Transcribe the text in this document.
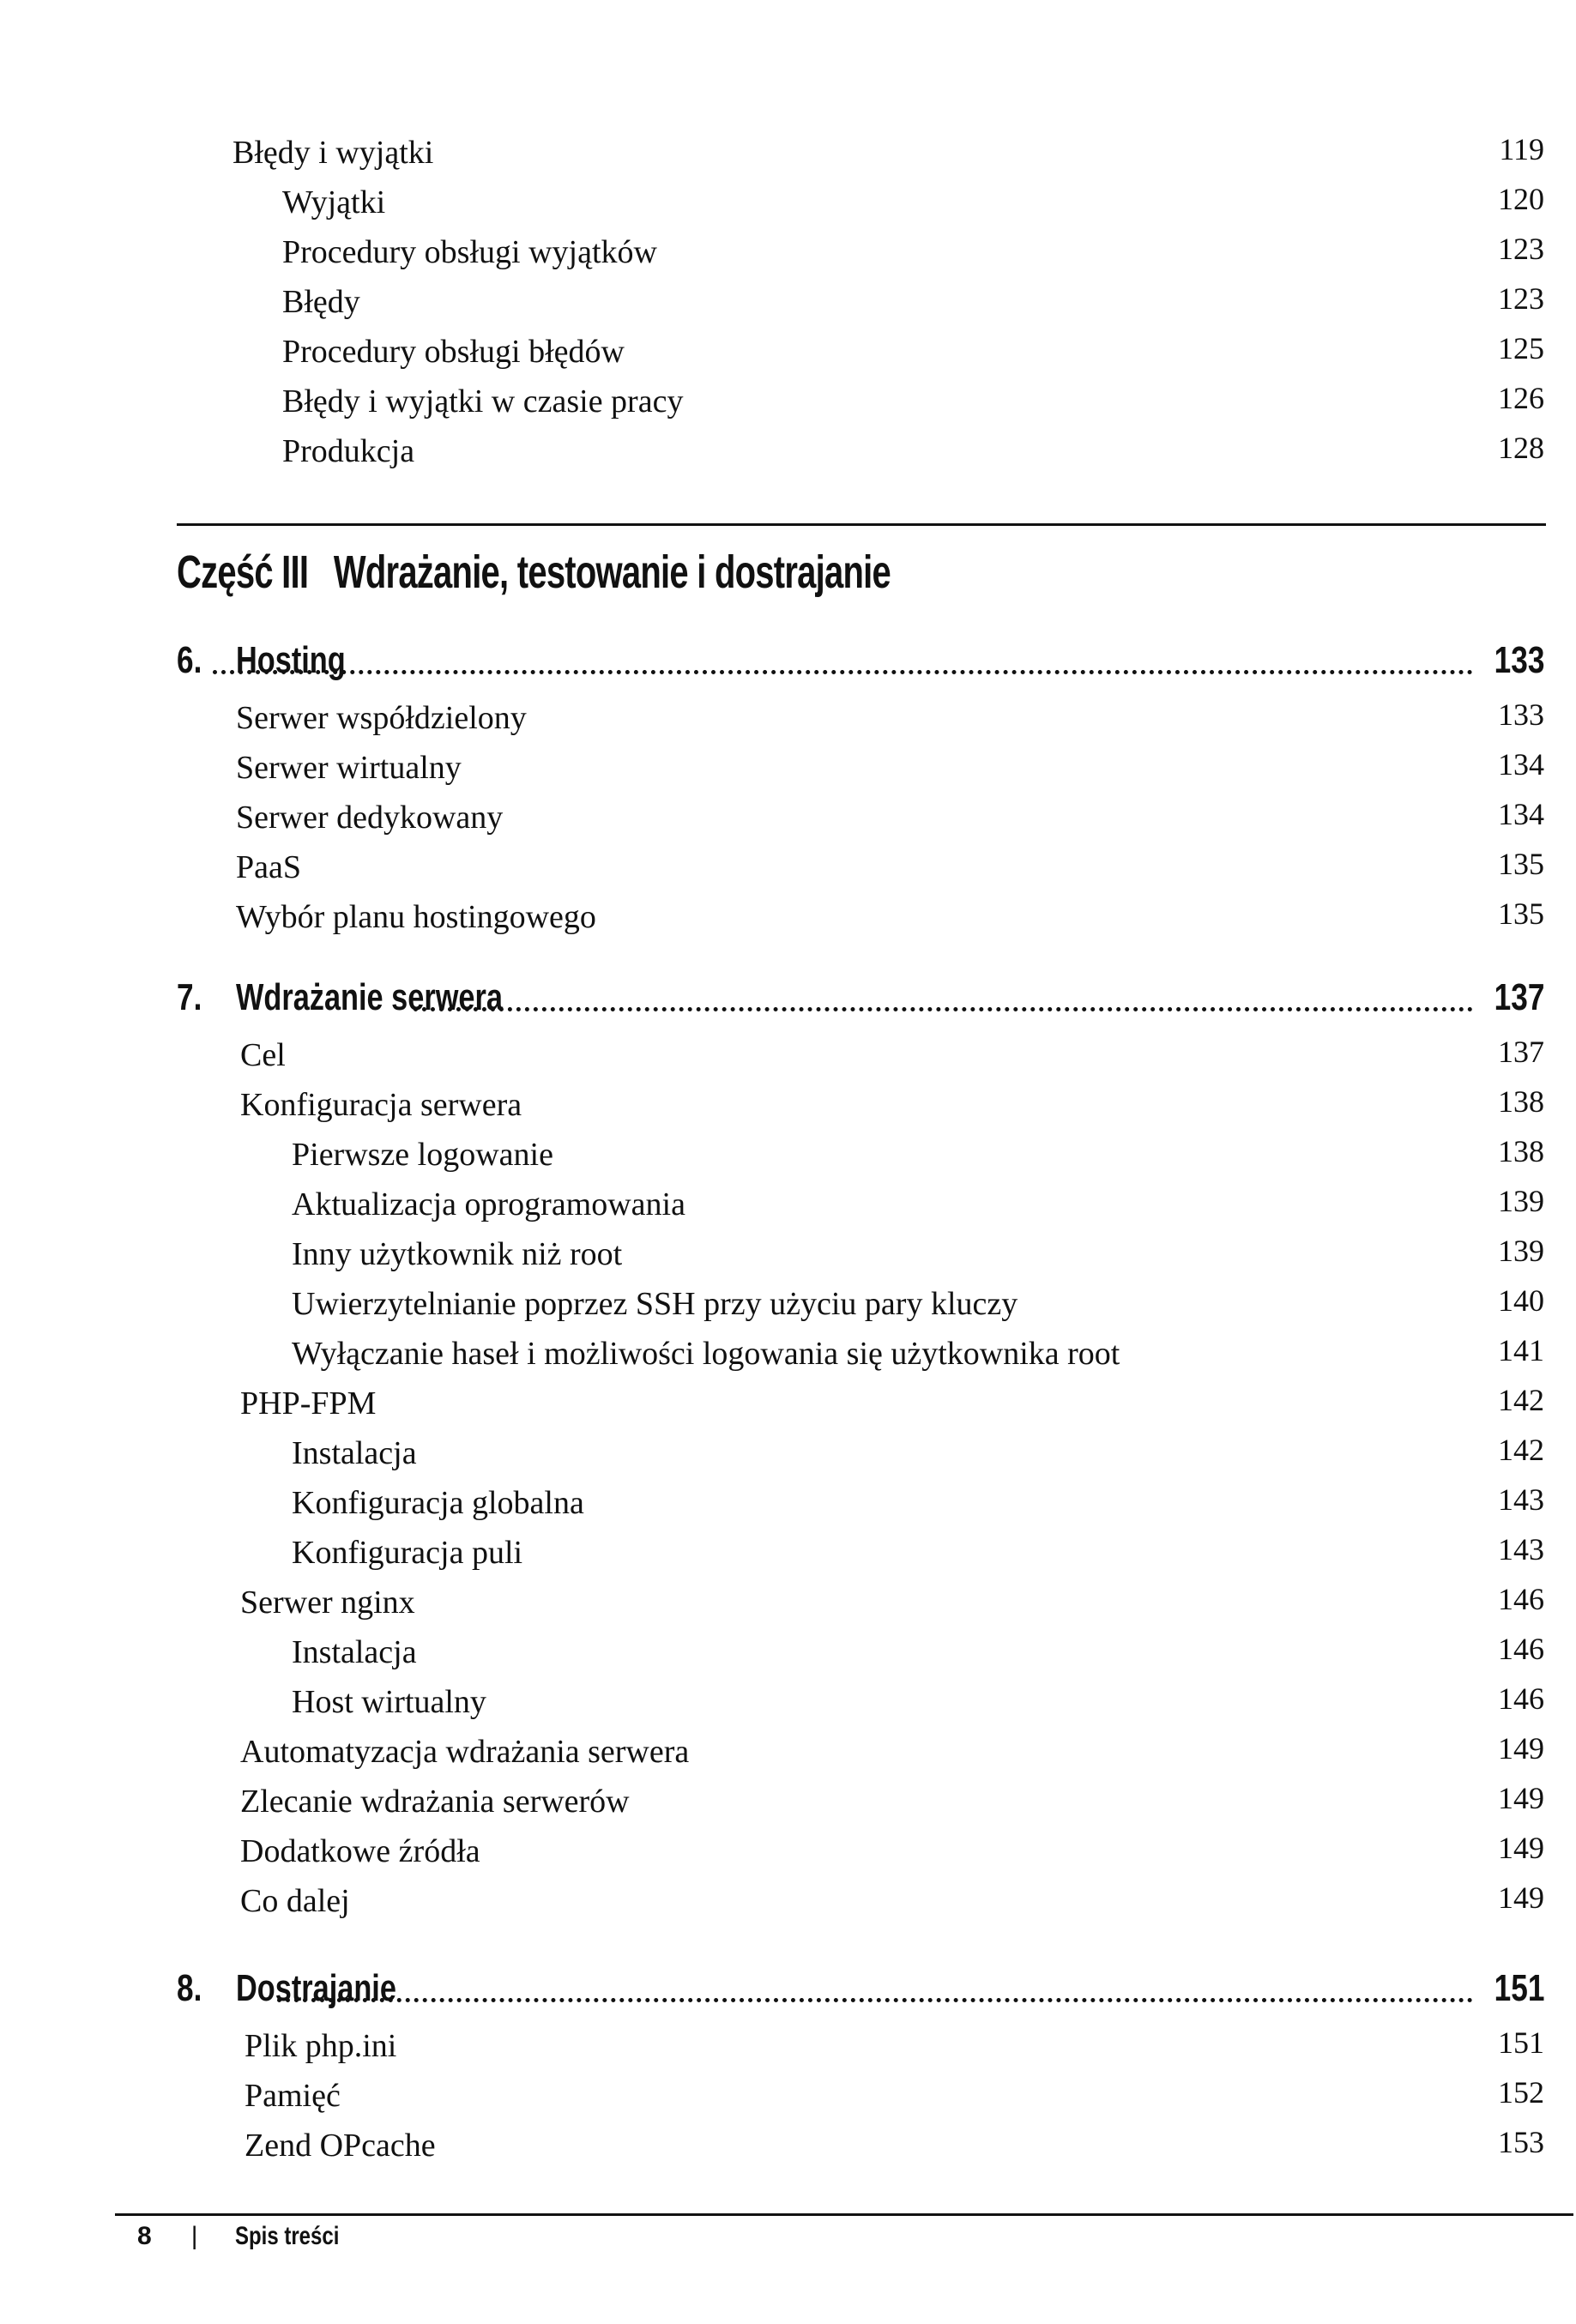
Błędy i wyjątki	119
Wyjątki	120
Procedury obsługi wyjątków	123
Błędy	123
Procedury obsługi błędów	125
Błędy i wyjątki w czasie pracy	126
Produkcja	128
Część III Wdrażanie, testowanie i dostrajanie
6. Hosting	133
Serwer współdzielony	133
Serwer wirtualny	134
Serwer dedykowany	134
PaaS	135
Wybór planu hostingowego	135
7. Wdrażanie serwera	137
Cel	137
Konfiguracja serwera	138
Pierwsze logowanie	138
Aktualizacja oprogramowania	139
Inny użytkownik niż root	139
Uwierzytelnianie poprzez SSH przy użyciu pary kluczy	140
Wyłączanie haseł i możliwości logowania się użytkownika root	141
PHP-FPM	142
Instalacja	142
Konfiguracja globalna	143
Konfiguracja puli	143
Serwer nginx	146
Instalacja	146
Host wirtualny	146
Automatyzacja wdrażania serwera	149
Zlecanie wdrażania serwerów	149
Dodatkowe źródła	149
Co dalej	149
8. Dostrajanie	151
Plik php.ini	151
Pamięć	152
Zend OPcache	153
8 | Spis treści
